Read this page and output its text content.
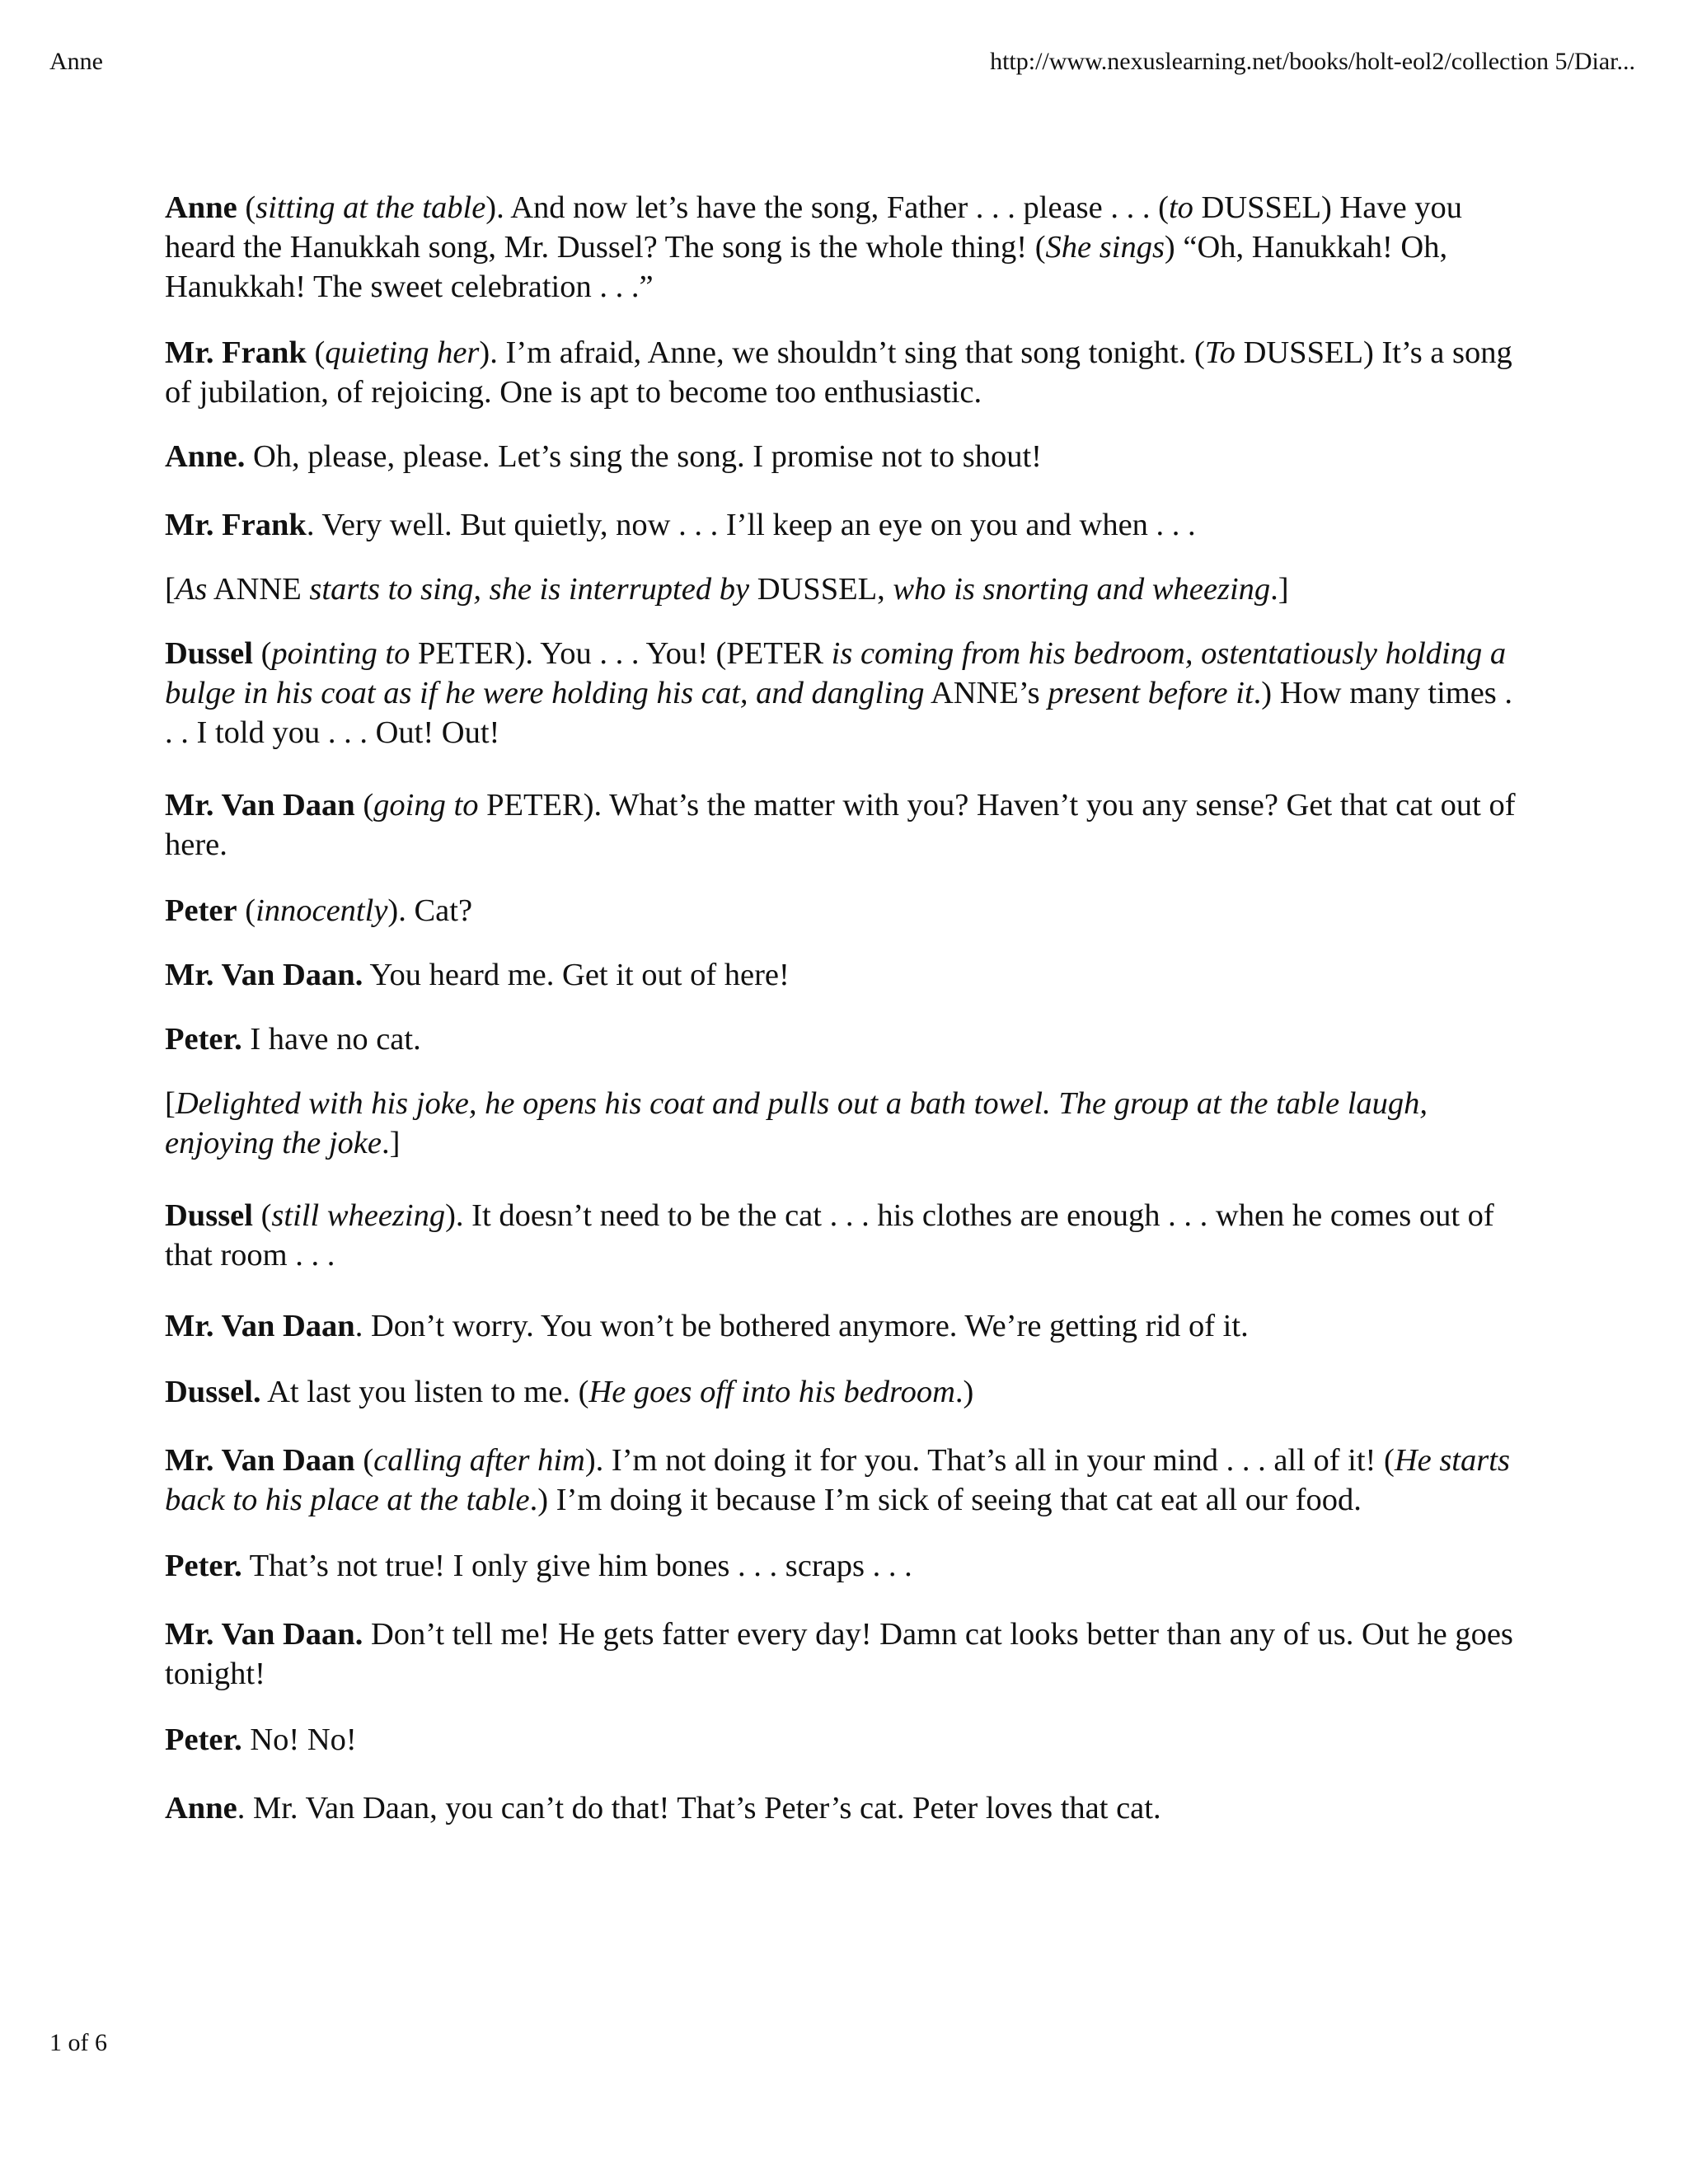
Anne	http://www.nexuslearning.net/books/holt-eol2/collection 5/Diar...

Anne (sitting at the table). And now let’s have the song, Father . . . please . . . (to DUSSEL) Have you heard the Hanukkah song, Mr. Dussel? The song is the whole thing! (She sings) “Oh, Hanukkah! Oh, Hanukkah! The sweet celebration . . .”

Mr. Frank (quieting her). I’m afraid, Anne, we shouldn’t sing that song tonight. (To DUSSEL) It’s a song of jubilation, of rejoicing. One is apt to become too enthusiastic.

Anne. Oh, please, please. Let’s sing the song. I promise not to shout!

Mr. Frank. Very well. But quietly, now . . . I’ll keep an eye on you and when . . .

[As ANNE starts to sing, she is interrupted by DUSSEL, who is snorting and wheezing.]

Dussel (pointing to PETER). You . . . You! (PETER is coming from his bedroom, ostentatiously holding a bulge in his coat as if he were holding his cat, and dangling ANNE’s present before it.) How many times . . . I told you . . . Out! Out!

Mr. Van Daan (going to PETER). What’s the matter with you? Haven’t you any sense? Get that cat out of here.

Peter (innocently). Cat?

Mr. Van Daan. You heard me. Get it out of here!

Peter. I have no cat.

[Delighted with his joke, he opens his coat and pulls out a bath towel. The group at the table laugh, enjoying the joke.]

Dussel (still wheezing). It doesn’t need to be the cat . . . his clothes are enough . . . when he comes out of that room . . .

Mr. Van Daan. Don’t worry. You won’t be bothered anymore. We’re getting rid of it.

Dussel. At last you listen to me. (He goes off into his bedroom.)

Mr. Van Daan (calling after him). I’m not doing it for you. That’s all in your mind . . . all of it! (He starts back to his place at the table.) I’m doing it because I’m sick of seeing that cat eat all our food.

Peter. That’s not true! I only give him bones . . . scraps . . .

Mr. Van Daan. Don’t tell me! He gets fatter every day! Damn cat looks better than any of us. Out he goes tonight!

Peter. No! No!

Anne. Mr. Van Daan, you can’t do that! That’s Peter’s cat. Peter loves that cat.

1 of 6
